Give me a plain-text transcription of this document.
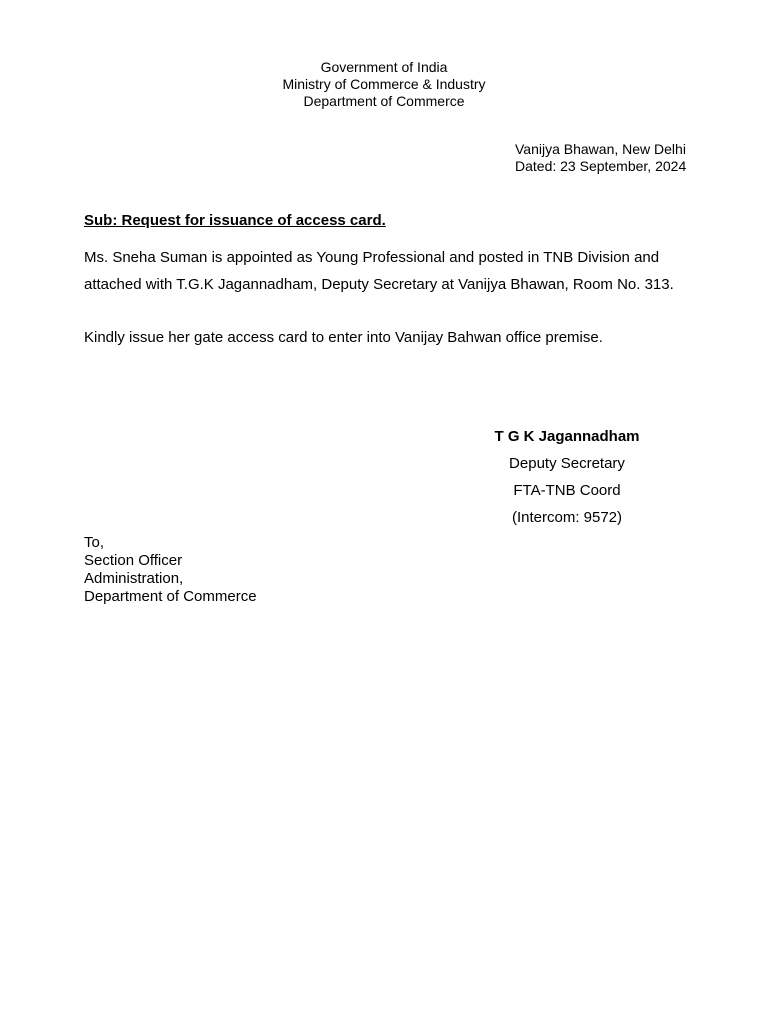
Government of India
Ministry of Commerce & Industry
Department of Commerce
Vanijya Bhawan, New Delhi
Dated: 23 September, 2024
Sub: Request for issuance of access card.
Ms. Sneha Suman is appointed as Young Professional and posted in TNB Division and attached with T.G.K Jagannadham, Deputy Secretary at Vanijya Bhawan, Room No. 313.
Kindly issue her gate access card to enter into Vanijay Bahwan office premise.
T G K Jagannadham
Deputy Secretary
FTA-TNB Coord
(Intercom: 9572)
To,
Section Officer
Administration,
Department of Commerce
